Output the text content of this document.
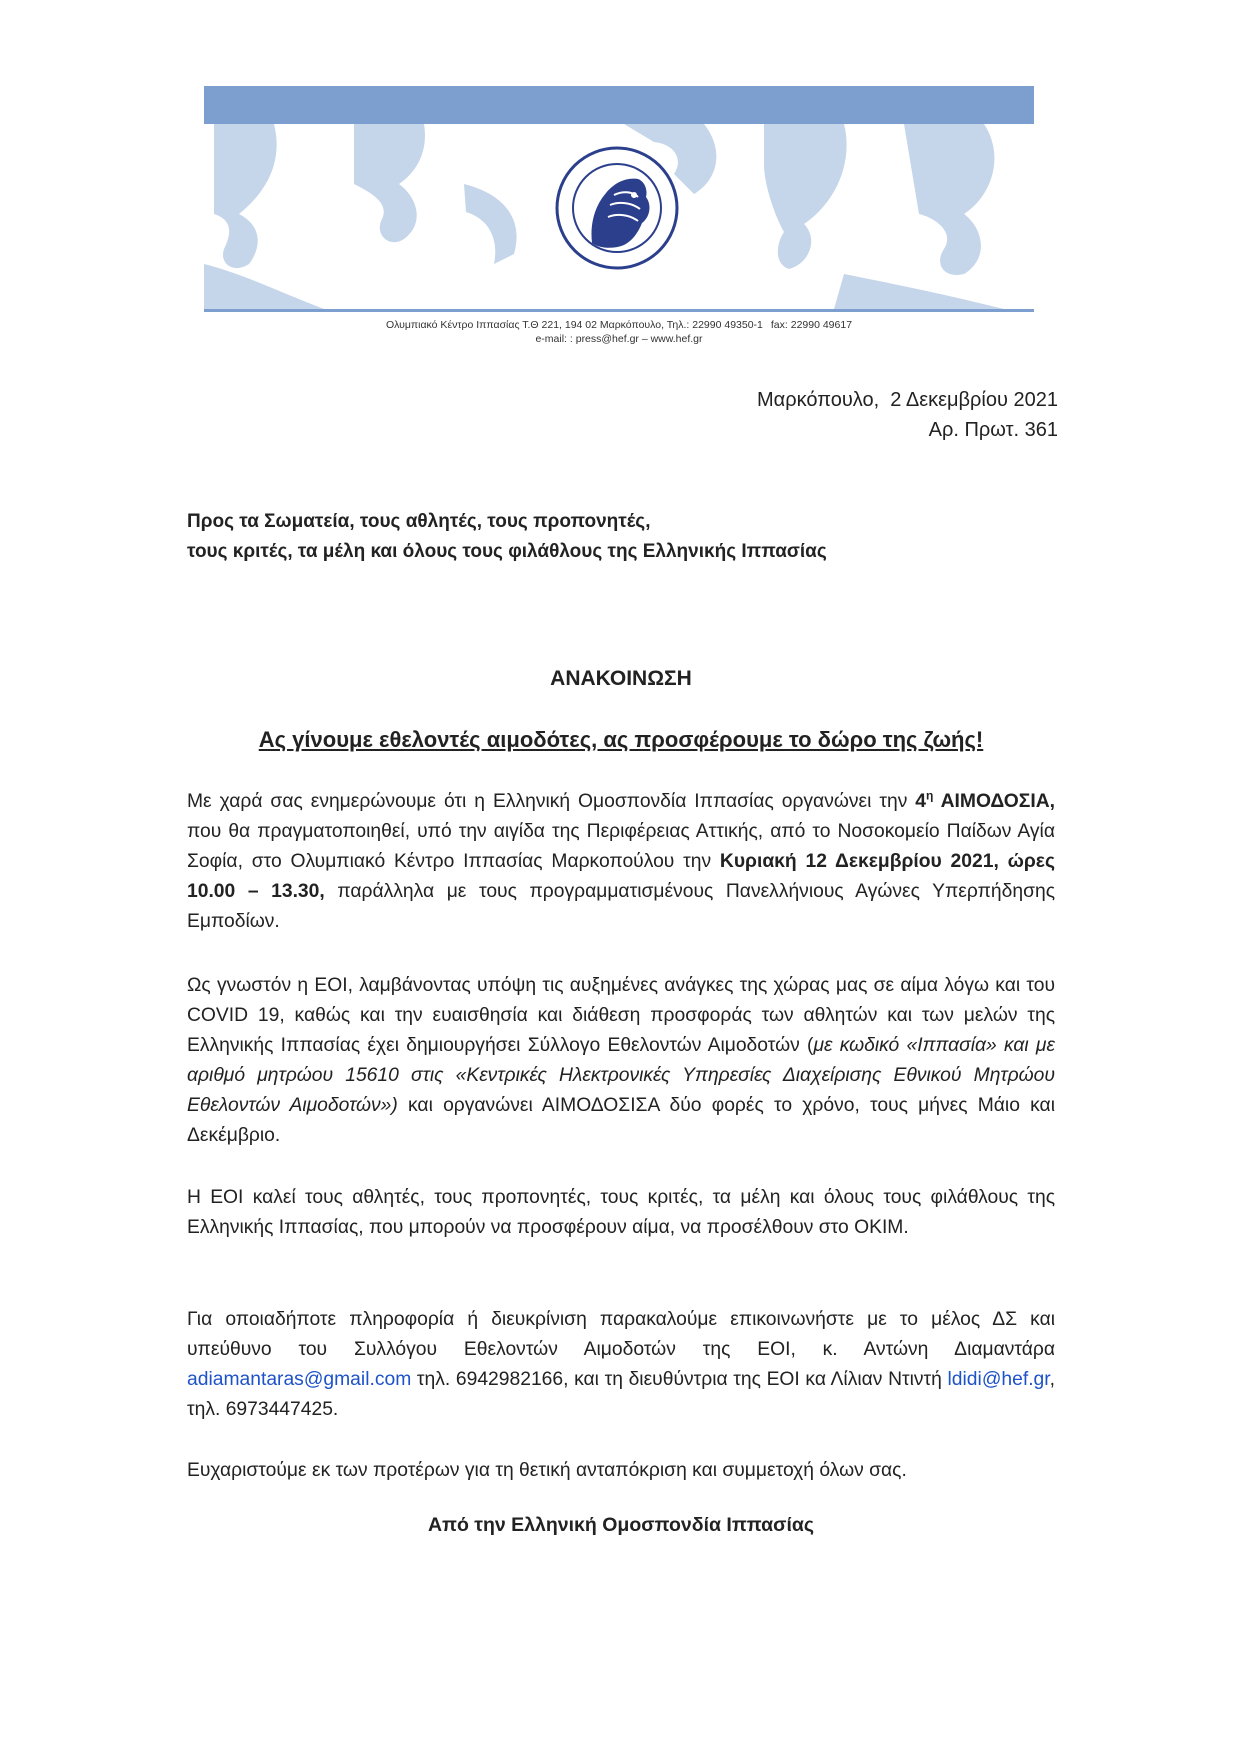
Ολυμπιακό Κέντρο Ιππασίας Τ.Θ 221, 194 02 Μαρκόπουλο, Τηλ.: 22990 49350-1 fax: 22990 49617
e-mail: : press@hef.gr – www.hef.gr
Μαρκόπουλο,  2 Δεκεμβρίου 2021
Αρ. Πρωτ. 361
Προς τα Σωματεία, τους αθλητές, τους προπονητές,
τους κριτές, τα μέλη και όλους τους φιλάθλους της Ελληνικής Ιππασίας
ΑΝΑΚΟΙΝΩΣΗ
Ας γίνουμε εθελοντές αιμοδότες, ας προσφέρουμε το δώρο της ζωής!
Με χαρά σας ενημερώνουμε ότι η Ελληνική Ομοσπονδία Ιππασίας οργανώνει την $4^\eta$ ΑΙΜΟΔΟΣΙΑ, που θα πραγματοποιηθεί, υπό την αιγίδα της Περιφέρειας Αττικής, από το Νοσοκομείο Παίδων Αγία Σοφία, στο Ολυμπιακό Κέντρο Ιππασίας Μαρκοπούλου την Κυριακή 12 Δεκεμβρίου 2021, ώρες 10.00 – 13.30, παράλληλα με τους προγραμματισμένους Πανελλήνιους Αγώνες Υπερπήδησης Εμποδίων.
Ως γνωστόν η ΕΟΙ, λαμβάνοντας υπόψη τις αυξημένες ανάγκες της χώρας μας σε αίμα λόγω και του COVID 19, καθώς και την ευαισθησία και διάθεση προσφοράς των αθλητών και των μελών της Ελληνικής Ιππασίας έχει δημιουργήσει Σύλλογο Εθελοντών Αιμοδοτών (με κωδικό «Ιππασία» και με αριθμό μητρώου 15610 στις «Κεντρικές Ηλεκτρονικές Υπηρεσίες Διαχείρισης Εθνικού Μητρώου Εθελοντών Αιμοδοτών») και οργανώνει ΑΙΜΟΔΟΣΙΣΑ δύο φορές το χρόνο, τους μήνες Μάιο και Δεκέμβριο.
Η ΕΟΙ καλεί τους αθλητές, τους προπονητές, τους κριτές, τα μέλη και όλους τους φιλάθλους της Ελληνικής Ιππασίας, που μπορούν να προσφέρουν αίμα, να προσέλθουν στο ΟΚΙΜ.
Για οποιαδήποτε πληροφορία ή διευκρίνιση παρακαλούμε επικοινωνήστε με το μέλος ΔΣ και υπεύθυνο του Συλλόγου Εθελοντών Αιμοδοτών της ΕΟΙ, κ. Αντώνη Διαμαντάρα adiamantaras@gmail.com τηλ. 6942982166, και τη διευθύντρια της ΕΟΙ κα Λίλιαν Ντιντή ldidi@hef.gr, τηλ. 6973447425.
Ευχαριστούμε εκ των προτέρων για τη θετική ανταπόκριση και συμμετοχή όλων σας.
Από την Ελληνική Ομοσπονδία Ιππασίας
